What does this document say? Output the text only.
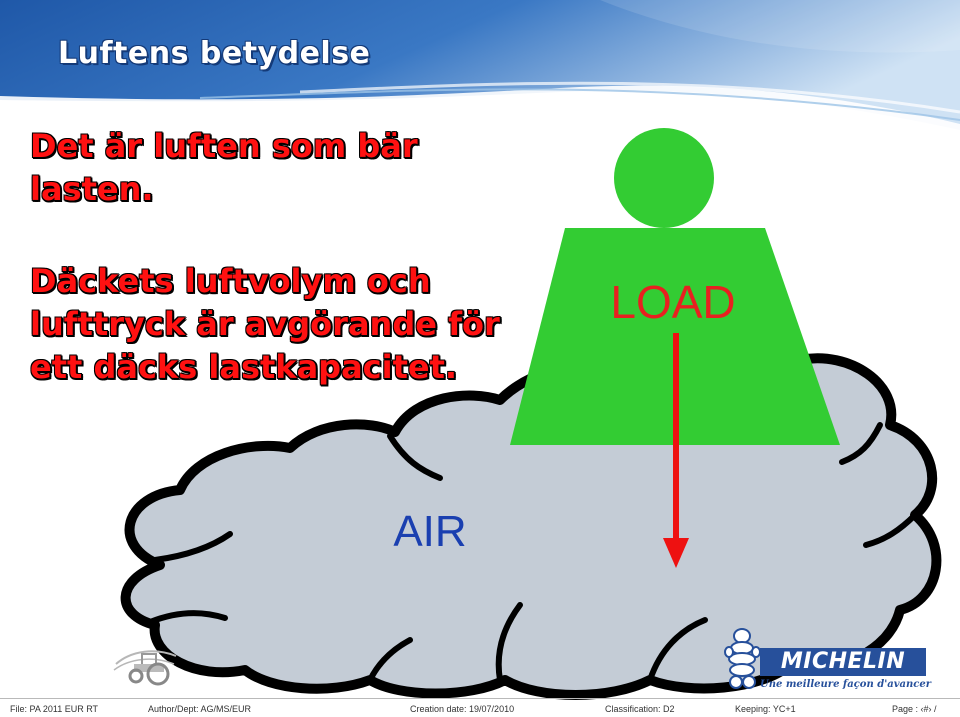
Luftens betydelse
LOAD
AIR

Det är luften som bär lasten.

Däckets luftvolym och lufttryck är avgörande för ett däcks lastkapacitet.

MICHELIN
Une meilleure façon d'avancer
File: PA 2011 EUR RT	Author/Dept: AG/MS/EUR	Creation date: 19/07/2010	Classification: D2	Keeping: YC+1	Page : ‹#› /
